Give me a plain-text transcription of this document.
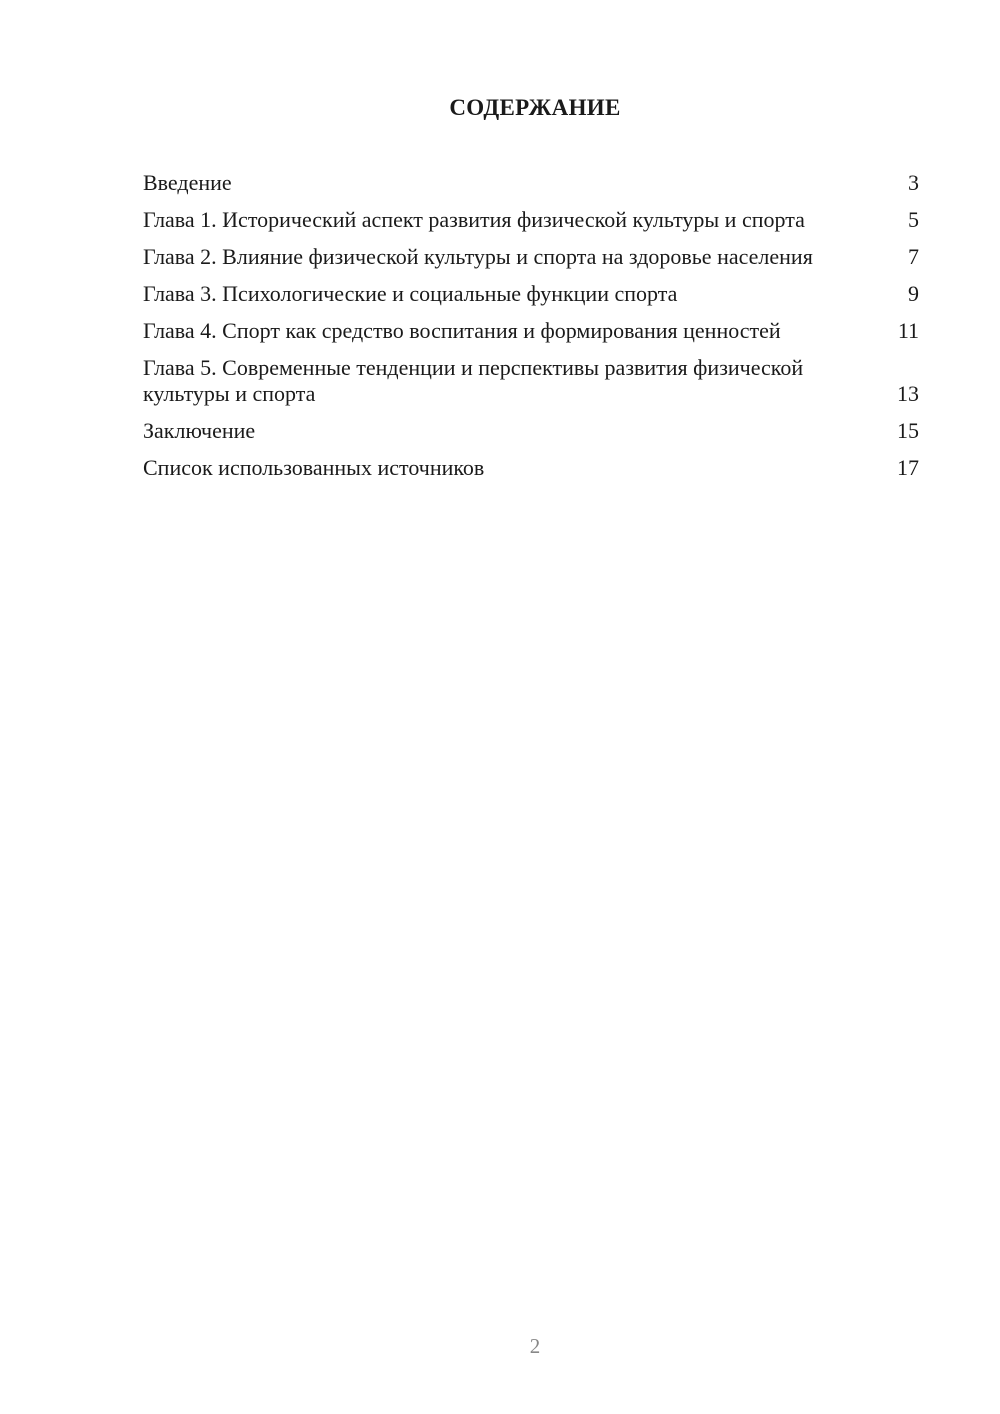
СОДЕРЖАНИЕ
Введение	3
Глава 1. Исторический аспект развития физической культуры и спорта	5
Глава 2. Влияние физической культуры и спорта на здоровье населения	7
Глава 3. Психологические и социальные функции спорта	9
Глава 4. Спорт как средство воспитания и формирования ценностей	11
Глава 5. Современные тенденции и перспективы развития физической культуры и спорта	13
Заключение	15
Список использованных источников	17
2
